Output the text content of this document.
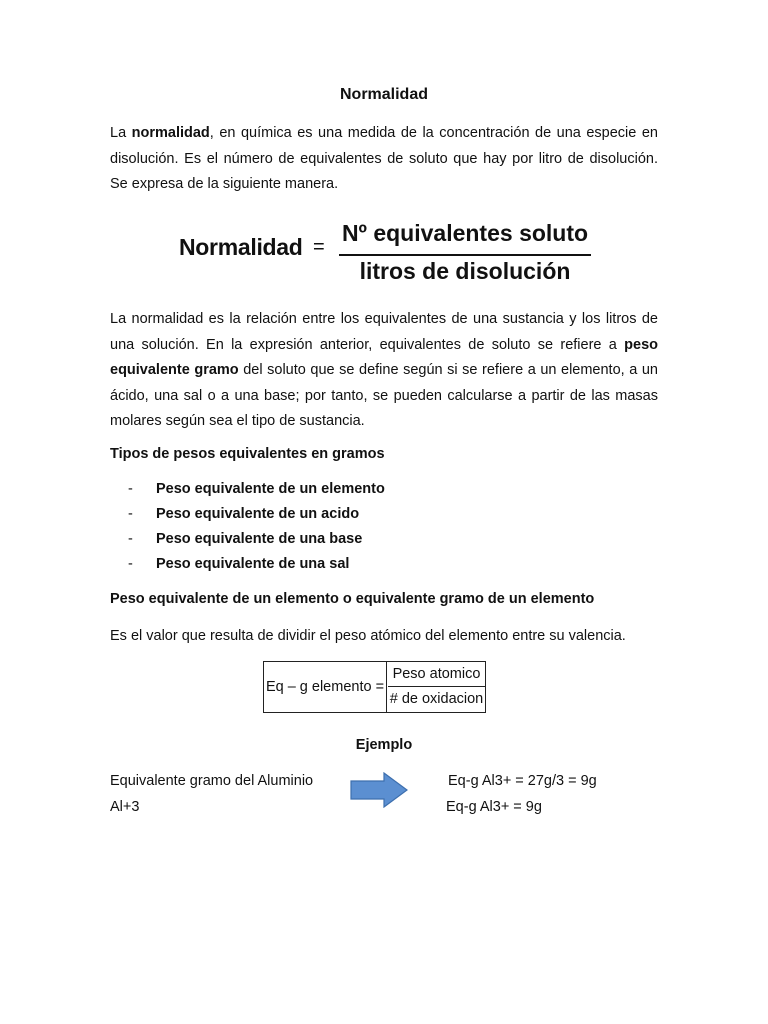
Normalidad
La normalidad, en química es una medida de la concentración de una especie en disolución. Es el número de equivalentes de soluto que hay por litro de disolución. Se expresa de la siguiente manera.
Normalidad =
Nº equivalentes soluto
litros de disolución
La normalidad es la relación entre los equivalentes de una sustancia y los litros de una solución. En la expresión anterior, equivalentes de soluto se refiere a peso equivalente gramo del soluto que se define según si se refiere a un elemento, a un ácido, una sal o a una base; por tanto, se pueden calcularse a partir de las masas molares según sea el tipo de sustancia.
Tipos de pesos equivalentes en gramos
- Peso equivalente de un elemento
- Peso equivalente de un acido
- Peso equivalente de una base
- Peso equivalente de una sal
Peso equivalente de un elemento o equivalente gramo de un elemento
Es el valor que resulta de dividir el peso atómico del elemento entre su valencia.
Eq – g elemento =
Peso atomico
# de oxidacion
Ejemplo
Equivalente gramo del Aluminio
Al+3
Eq-g Al3+ = 27g/3 = 9g
Eq-g Al3+ = 9g
